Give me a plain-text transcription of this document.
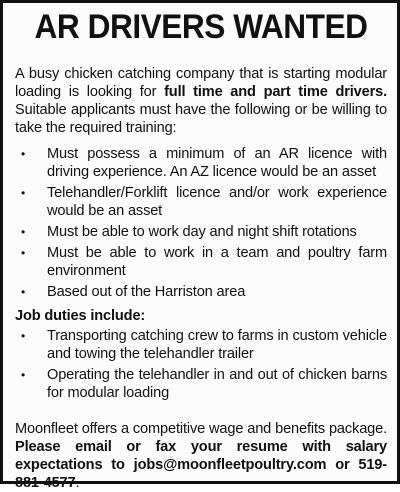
AR DRIVERS WANTED

A busy chicken catching company that is starting modular loading is looking for full time and part time drivers. Suitable applicants must have the following or be willing to take the required training:

• Must possess a minimum of an AR licence with driving experience. An AZ licence would be an asset
• Telehandler/Forklift licence and/or work experience would be an asset
• Must be able to work day and night shift rotations
• Must be able to work in a team and poultry farm environment
• Based out of the Harriston area
Job duties include:
• Transporting catching crew to farms in custom vehicle and towing the telehandler trailer
• Operating the telehandler in and out of chicken barns for modular loading

Moonfleet offers a competitive wage and benefits package. Please email or fax your resume with salary expectations to jobs@moonfleetpoultry.com or 519-881-4577.
